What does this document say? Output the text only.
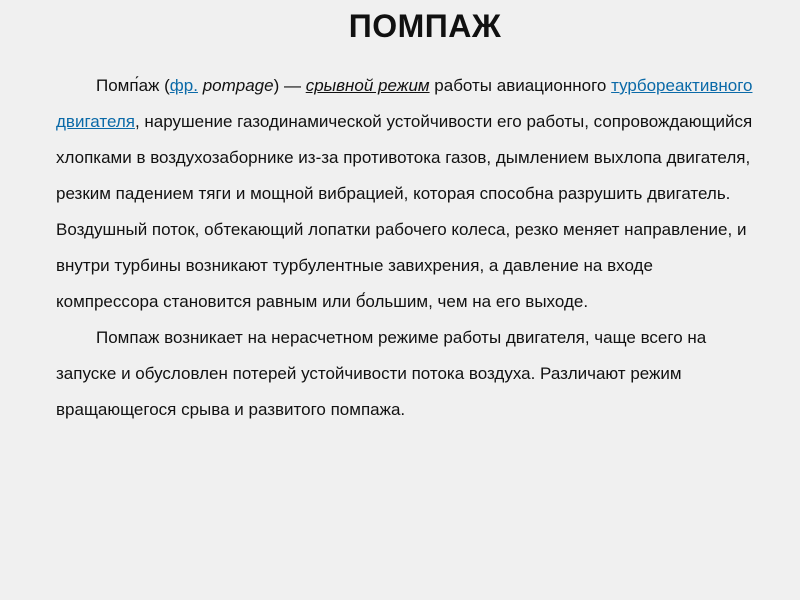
ПОМПАЖ

Помп́аж (фр. pompage) — срывной режим работы авиационного турбореактивного двигателя, нарушение газодинамической устойчивости его работы, сопровождающийся хлопками в воздухозаборнике из-за противотока газов, дымлением выхлопа двигателя, резким падением тяги и мощной вибрацией, которая способна разрушить двигатель. Воздушный поток, обтекающий лопатки рабочего колеса, резко меняет направление, и внутри турбины возникают турбулентные завихрения, а давление на входе компрессора становится равным или б́ольшим, чем на его выходе.

Помпаж возникает на нерасчетном режиме работы двигателя, чаще всего на запуске и обусловлен потерей устойчивости потока воздуха. Различают режим вращающегося срыва и развитого помпажа.
